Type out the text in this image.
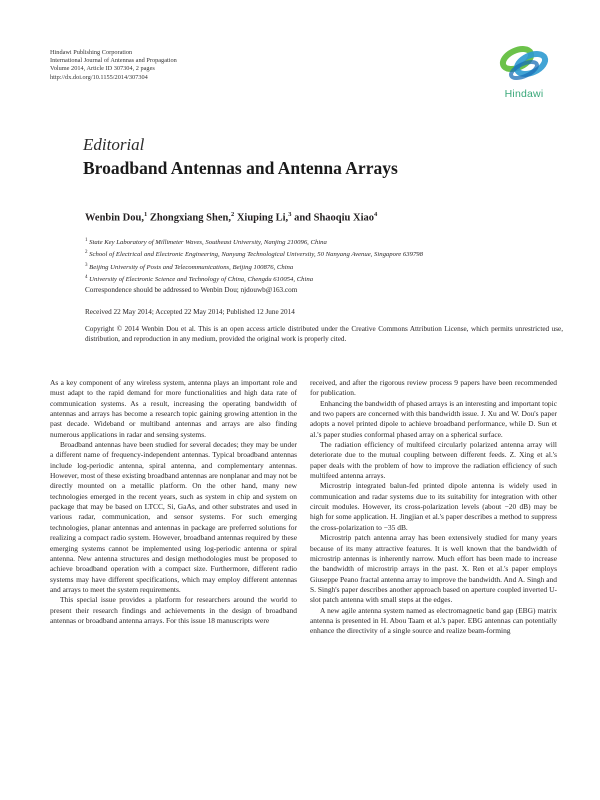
Hindawi Publishing Corporation
International Journal of Antennas and Propagation
Volume 2014, Article ID 307304, 2 pages
http://dx.doi.org/10.1155/2014/307304
Hindawi
Editorial
Broadband Antennas and Antenna Arrays
Wenbin Dou,$^1$ Zhongxiang Shen,$^2$ Xiuping Li,$^3$ and Shaoqiu Xiao$^4$
$^1$ State Key Laboratory of Millimeter Waves, Southeast University, Nanjing 210096, China
$^2$ School of Electrical and Electronic Engineering, Nanyang Technological University, 50 Nanyang Avenue, Singapore 639798
$^3$ Beijing University of Posts and Telecommunications, Beijing 100876, China
$^4$ University of Electronic Science and Technology of China, Chengdu 610054, China
Correspondence should be addressed to Wenbin Dou; njdouwb@163.com
Received 22 May 2014; Accepted 22 May 2014; Published 12 June 2014
Copyright © 2014 Wenbin Dou et al. This is an open access article distributed under the Creative Commons Attribution License, which permits unrestricted use, distribution, and reproduction in any medium, provided the original work is properly cited.

As a key component of any wireless system, antenna plays an important role and must adapt to the rapid demand for more functionalities and high data rate of communication systems. As a result, increasing the operating bandwidth of antennas and arrays has become a research topic gaining growing attention in the past decade. Wideband or multiband antennas and arrays are also finding numerous applications in radar and sensing systems.

Broadband antennas have been studied for several decades; they may be under a different name of frequency-independent antennas. Typical broadband antennas include log-periodic antenna, spiral antenna, and complementary antennas. However, most of these existing broadband antennas are nonplanar and may not be directly mounted on a metallic platform. On the other hand, many new technologies emerged in the recent years, such as system in chip and system on package that may be based on LTCC, Si, GaAs, and other substrates and used in various radar, communication, and sensor systems. For such emerging technologies, planar antennas and antennas in package are preferred solutions for realizing a compact radio system. However, broadband antennas required by these emerging systems cannot be implemented using log-periodic antenna or spiral antenna. New antenna structures and design methodologies must be proposed to achieve broadband operation with a compact size. Furthermore, different radio systems may have different specifications, which may employ different antennas and arrays to meet the system requirements.

This special issue provides a platform for researchers around the world to present their research findings and achievements in the design of broadband antennas or broadband antenna arrays. For this issue 18 manuscripts were

received, and after the rigorous review process 9 papers have been recommended for publication.

Enhancing the bandwidth of phased arrays is an interesting and important topic and two papers are concerned with this bandwidth issue. J. Xu and W. Dou's paper adopts a novel printed dipole to achieve broadband performance, while D. Sun et al.'s paper studies conformal phased array on a spherical surface.

The radiation efficiency of multifeed circularly polarized antenna array will deteriorate due to the mutual coupling between different feeds. Z. Xing et al.'s paper deals with the problem of how to improve the radiation efficiency of such multifeed antenna arrays.

Microstrip integrated balun-fed printed dipole antenna is widely used in communication and radar systems due to its suitability for integration with other circuit modules. However, its cross-polarization levels (about −20 dB) may be high for some application. H. Jingjian et al.'s paper describes a method to suppress the cross-polarization to −35 dB.

Microstrip patch antenna array has been extensively studied for many years because of its many attractive features. It is well known that the bandwidth of microstrip antennas is inherently narrow. Much effort has been made to increase the bandwidth of microstrip arrays in the past. X. Ren et al.'s paper employs Giuseppe Peano fractal antenna array to improve the bandwidth. And A. Singh and S. Singh's paper describes another approach based on aperture coupled inverted U-slot patch antenna with small steps at the edges.

A new agile antenna system named as electromagnetic band gap (EBG) matrix antenna is presented in H. Abou Taam et al.'s paper. EBG antennas can potentially enhance the directivity of a single source and realize beam-forming
